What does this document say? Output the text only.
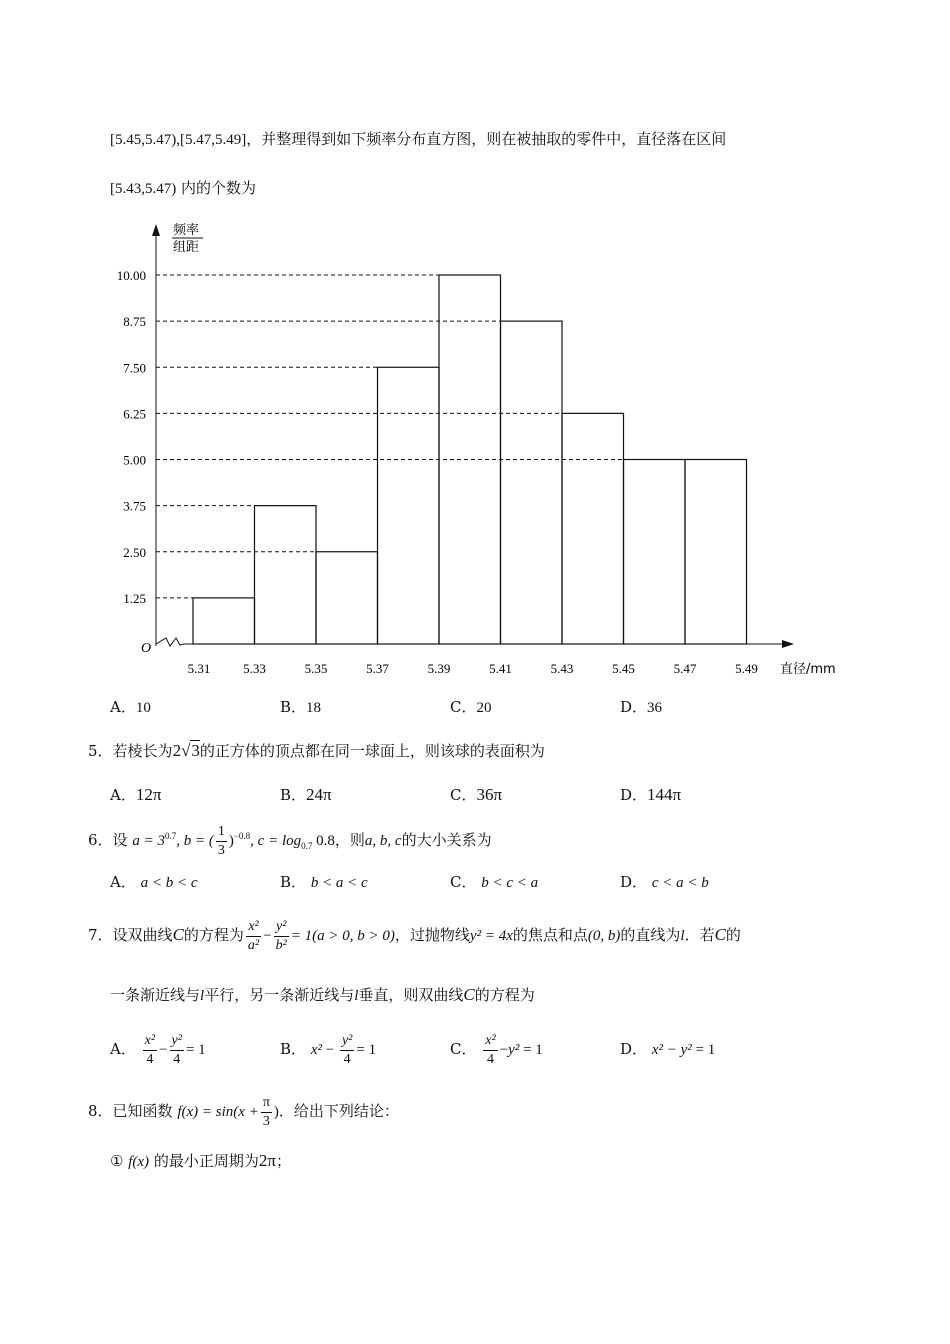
[5.45,5.47),[5.47,5.49]，并整理得到如下频率分布直方图，则在被抽取的零件中，直径落在区间
[5.43,5.47) 内的个数为
频率
组距
O
1.25
2.50
3.75
5.00
6.25
7.50
8.75
10.00
5.31	5.33	5.35	5.37	5.39	5.41	5.43	5.45	5.47	5.49 直径/mm
A．10	B．18	C．20	D．36
5．若棱长为2√3的正方体的顶点都在同一球面上，则该球的表面积为
A．12π	B．24π	C．36π	D．144π
6．设 $a = 3^{0.7}$, b = ( $\frac{1}{3} )^{-0.8}$, $c = \log_{0.7} 0.8$，则a, b, c的大小关系为
A． a < b < c	B． b < a < c	C． b < c < a	D． c < a < b
7．设双曲线C的方程为 $\frac{\text{x²}}{\text{a²}} - \frac{\text{y²}}{\text{b²}} = 1(a > 0$, b > 0)，过抛物线y² = 4x的焦点和点(0, b)的直线为l．若C的
一条渐近线与l平行，另一条渐近线与l垂直，则双曲线C的方程为
A． $\frac{\text{x²}}{4} - \frac{\text{y²}}{4} = 1$	B． $x^2 - \frac{\text{y²}}{4} = 1$	C． $\frac{\text{x²}}{4} -y^2 = 1$	D． x² − y² = 1
8．已知函数 $f(x) = \sin(x + \frac{\pi}{3}$ )．给出下列结论：
① f(x) 的最小正周期为2π；
